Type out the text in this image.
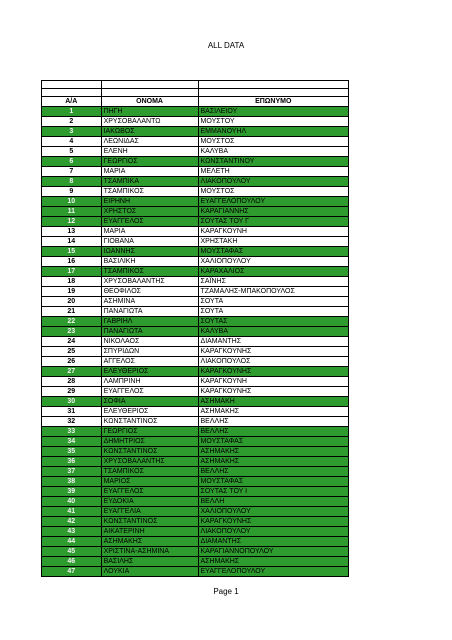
ALL DATA

Α/Α	ΟΝΟΜΑ	ΕΠΩΝΥΜΟ
1	ΠΗΓΗ	ΒΑΣΙΛΕΙΟΥ
2	ΧΡΥΣΟΒΑΛΑΝΤΩ	ΜΟΥΣΤΟΥ
3	ΙΑΚΩΒΟΣ	ΕΜΜΑΝΟΥΗΛ
4	ΛΕΩΝΙΔΑΣ	ΜΟΥΣΤΟΣ
5	ΕΛΕΝΗ	ΚΑΛΥΒΑ
6	ΓΕΩΡΓΙΟΣ	ΚΩΝΣΤΑΝΤΙΝΟΥ
7	ΜΑΡΙΑ	ΜΕΛΕΤΗ
8	ΤΣΑΜΠΙΚΑ	ΛΙΑΚΟΠΟΥΛΟΥ
9	ΤΣΑΜΠΙΚΟΣ	ΜΟΥΣΤΟΣ
10	ΕΙΡΗΝΗ	ΕΥΑΓΓΕΛΟΠΟΥΛΟΥ
11	ΧΡΗΣΤΟΣ	ΚΑΡΑΓΙΑΝΝΗΣ
12	ΕΥΑΓΓΕΛΟΣ	ΣΟΥΤΑΣ ΤΟΥ Γ
13	ΜΑΡΙΑ	ΚΑΡΑΓΚΟΥΝΗ
14	ΓΙΟΒΑΝΑ	ΧΡΗΣΤΑΚΗ
15	ΙΩΑΝΝΗΣ	ΜΟΥΣΤΑΦΑΣ
16	ΒΑΣΙΛΙΚΗ	ΧΑΛΙΟΠΟΥΛΟΥ
17	ΤΣΑΜΠΙΚΟΣ	ΚΑΡΑΧΑΛΙΟΣ
18	ΧΡΥΣΟΒΑΛΑΝΤΗΣ	ΣΑΪΝΗΣ
19	ΘΕΟΦΙΛΟΣ	ΤΖΑΜΑΛΗΣ-ΜΠΑΚΟΠΟΥΛΟΣ
20	ΑΣΗΜΙΝΑ	ΣΟΥΤΑ
21	ΠΑΝΑΓΙΩΤΑ	ΣΟΥΤΑ
22	ΓΑΒΡΙΗΛ	ΣΟΥΤΑΣ
23	ΠΑΝΑΓΙΩΤΑ	ΚΑΛΥΒΑ
24	ΝΙΚΟΛΑΟΣ	ΔΙΑΜΑΝΤΗΣ
25	ΣΠΥΡΙΔΩΝ	ΚΑΡΑΓΚΟΥΝΗΣ
26	ΑΓΓΕΛΟΣ	ΛΙΑΚΟΠΟΥΛΟΣ
27	ΕΛΕΥΘΕΡΙΟΣ	ΚΑΡΑΓΚΟΥΝΗΣ
28	ΛΑΜΠΡΙΝΗ	ΚΑΡΑΓΚΟΥΝΗ
29	ΕΥΑΓΓΕΛΟΣ	ΚΑΡΑΓΚΟΥΝΗΣ
30	ΣΟΦΙΑ	ΑΣΗΜΑΚΗ
31	ΕΛΕΥΘΕΡΙΟΣ	ΑΣΗΜΑΚΗΣ
32	ΚΩΝΣΤΑΝΤΙΝΟΣ	ΒΕΛΛΗΣ
33	ΓΕΩΡΓΙΟΣ	ΒΕΛΛΗΣ
34	ΔΗΜΗΤΡΙΟΣ	ΜΟΥΣΤΑΦΑΣ
35	ΚΩΝΣΤΑΝΤΙΝΟΣ	ΑΣΗΜΑΚΗΣ
36	ΧΡΥΣΟΒΑΛΑΝΤΗΣ	ΑΣΗΜΑΚΗΣ
37	ΤΣΑΜΠΙΚΟΣ	ΒΕΛΛΗΣ
38	ΜΑΡΙΟΣ	ΜΟΥΣΤΑΦΑΣ
39	ΕΥΑΓΓΕΛΟΣ	ΣΟΥΤΑΣ ΤΟΥ Ι
40	ΕΥΔΟΚΙΑ	ΒΕΛΛΗ
41	ΕΥΑΓΓΕΛΙΑ	ΧΑΛΙΟΠΟΥΛΟΥ
42	ΚΩΝΣΤΑΝΤΙΝΟΣ	ΚΑΡΑΓΚΟΥΝΗΣ
43	ΑΙΚΑΤΕΡΙΝΗ	ΛΙΑΚΟΠΟΥΛΟΥ
44	ΑΣΗΜΑΚΗΣ	ΔΙΑΜΑΝΤΗΣ
45	ΧΡΙΣΤΙΝΑ-ΑΣΗΜΙΝΑ	ΚΑΡΑΓΙΑΝΝΟΠΟΥΛΟΥ
46	ΒΑΣΙΛΗΣ	ΑΣΗΜΑΚΗΣ
47	ΛΟΥΚΙΑ	ΕΥΑΓΓΕΛΟΠΟΥΛΟΥ
Page 1
